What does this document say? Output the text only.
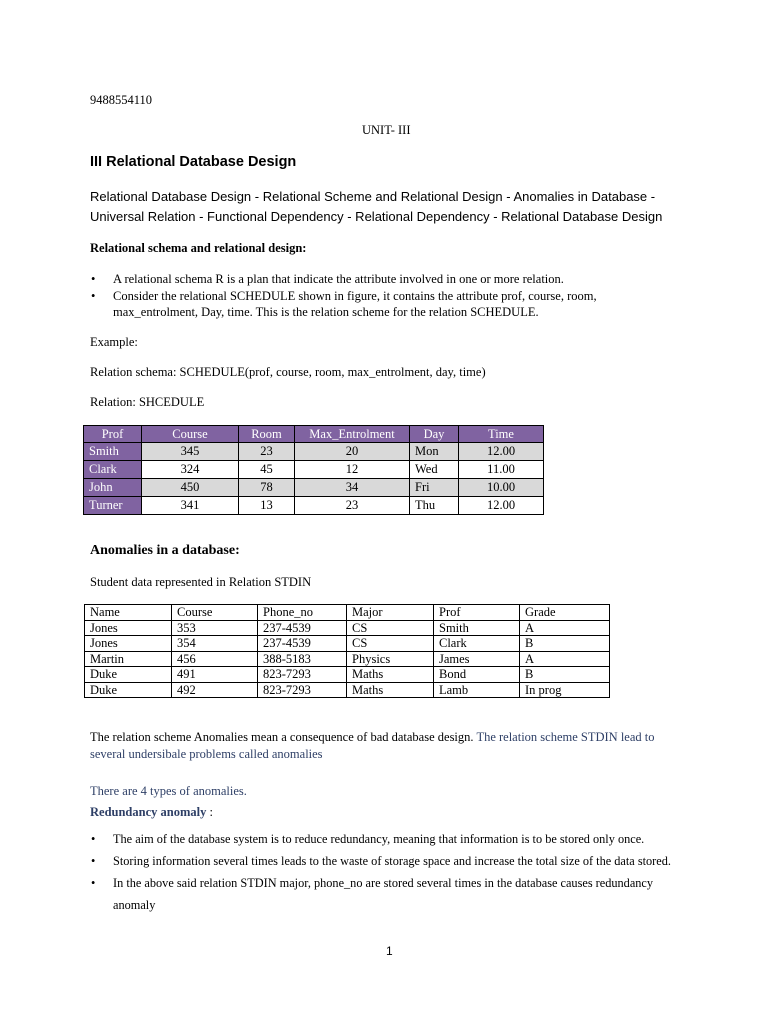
9488554110
UNIT- III
III Relational Database Design
Relational Database Design - Relational Scheme and Relational Design - Anomalies in Database -
Universal Relation - Functional Dependency - Relational Dependency - Relational Database Design
Relational schema and relational design:
• A relational schema R is a plan that indicate the attribute involved in one or more relation.
• Consider the relational SCHEDULE shown in figure, it contains the attribute prof, course, room,
max_entrolment, Day, time. This is the relation scheme for the relation SCHEDULE.
Example:
Relation schema: SCHEDULE(prof, course, room, max_entrolment, day, time)
Relation: SHCEDULE
Prof	Course	Room	Max_Entrolment	Day	Time
Smith	345	23	20	Mon	12.00
Clark	324	45	12	Wed	11.00
John	450	78	34	Fri	10.00
Turner	341	13	23	Thu	12.00
Anomalies in a database:
Student data represented in Relation STDIN
Name	Course	Phone_no	Major	Prof	Grade
Jones	353	237-4539	CS	Smith	A
Jones	354	237-4539	CS	Clark	B
Martin	456	388-5183	Physics	James	A
Duke	491	823-7293	Maths	Bond	B
Duke	492	823-7293	Maths	Lamb	In prog
The relation scheme Anomalies mean a consequence of bad database design. The relation scheme STDIN lead to
several undersibale problems called anomalies
There are 4 types of anomalies.
Redundancy anomaly :
• The aim of the database system is to reduce redundancy, meaning that information is to be stored only once.
• Storing information several times leads to the waste of storage space and increase the total size of the data stored.
• In the above said relation STDIN major, phone_no are stored several times in the database causes redundancy
anomaly
1
